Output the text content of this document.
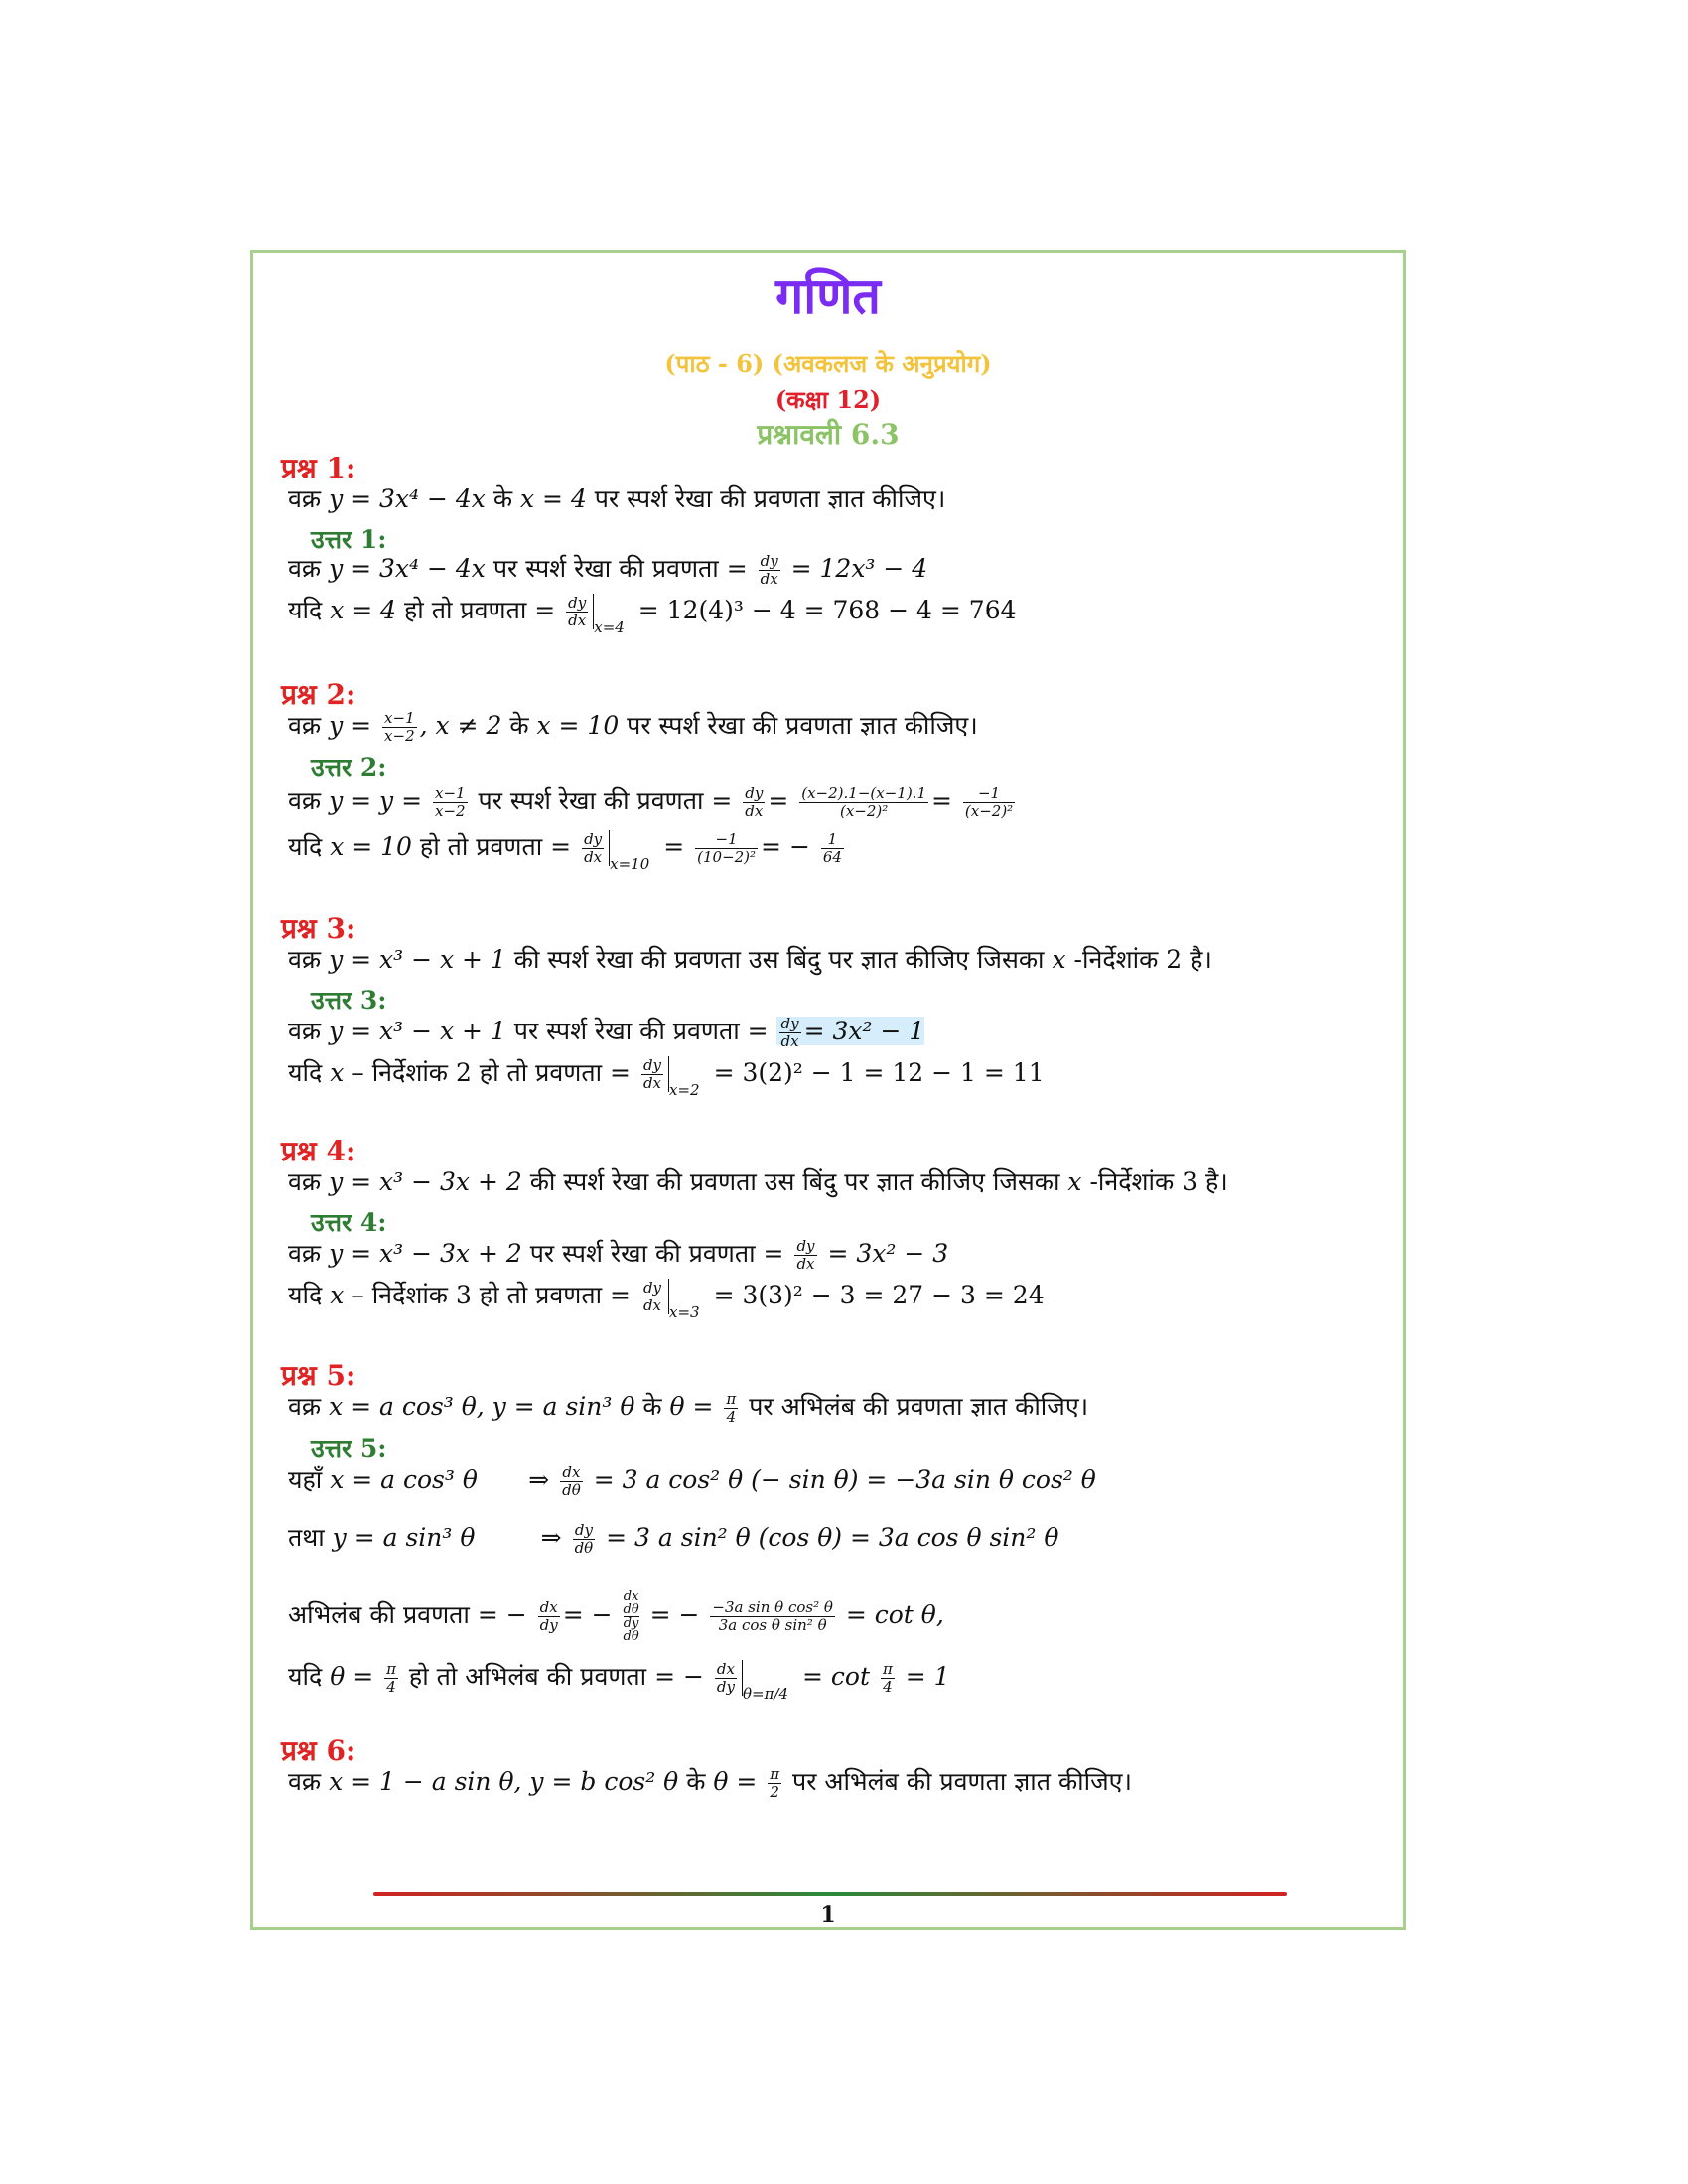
गणित
(पाठ - 6) (अवकलज के अनुप्रयोग)
(कक्षा 12)
प्रश्नावली 6.3
प्रश्न 1:
वक्र y = 3x⁴ − 4x के x = 4 पर स्पर्श रेखा की प्रवणता ज्ञात कीजिए।
उत्तर 1:
वक्र y = 3x⁴ − 4x पर स्पर्श रेखा की प्रवणता = $\frac{dy}{dx} = 12x^3 - 4$
यदि x = 4 हो तो प्रवणता = $\frac{dy}{dx} _{x=4} = 12(4)^3 - 4 = 768 - 4 = 764$
प्रश्न 2:
वक्र $y = \frac{x-1}{x-2}$ , x ≠ 2 के x = 10 पर स्पर्श रेखा की प्रवणता ज्ञात कीजिए।
उत्तर 2:
वक्र $y = y = \frac{x-1}{x-2}$ पर स्पर्श रेखा की प्रवणता = $\frac{dy}{dx} = \frac{(x-2).1-(x-1).1}{\text{(x−2)²}} = \frac{-1}{\text{(x−2)²}}$
यदि x = 10 हो तो प्रवणता = $\frac{dy}{dx} _{x=10} = \frac{-1}{\text{(10−2)²}}$ = − $\frac{1}{64}$
प्रश्न 3:
वक्र y = x³ − x + 1 की स्पर्श रेखा की प्रवणता उस बिंदु पर ज्ञात कीजिए जिसका x -निर्देशांक 2 है।
उत्तर 3:
वक्र y = x³ − x + 1 पर स्पर्श रेखा की प्रवणता = $\frac{dy}{dx} = 3x^2 - 1$
यदि x – निर्देशांक 2 हो तो प्रवणता = $\frac{dy}{dx} _{x=2} = 3(2)^2 - 1 = 12 - 1 = 11$
प्रश्न 4:
वक्र y = x³ − 3x + 2 की स्पर्श रेखा की प्रवणता उस बिंदु पर ज्ञात कीजिए जिसका x -निर्देशांक 3 है।
उत्तर 4:
वक्र y = x³ − 3x + 2 पर स्पर्श रेखा की प्रवणता = $\frac{dy}{dx} = 3x^2 - 3$
यदि x – निर्देशांक 3 हो तो प्रवणता = $\frac{dy}{dx} _{x=3} = 3(3)^2 - 3 = 27 - 3 = 24$
प्रश्न 5:
वक्र x = a cos³ θ, y = a sin³ θ के $\theta = \frac{\pi}{4}$ पर अभिलंब की प्रवणता ज्ञात कीजिए।
उत्तर 5:
यहाँ x = a cos³ θ ⇒ $\frac{dx}{d\theta} = 3$ a cos² θ (− sin θ) = −3a sin θ cos² θ
तथा y = a sin³ θ	⇒ $\frac{dy}{d\theta} = 3$ a sin² θ (cos θ) = 3a cos θ sin² θ
अभिलंब की प्रवणता = − $\frac{dx}{dy}$ = −
dx
dθ
dy
dθ
= − $\frac{\text{−3a sin θ cos² θ}}{\text{3a cos θ sin² θ}} = \cot \theta$,
यदि $\theta = \frac{\pi}{4}$ हो तो अभिलंब की प्रवणता = − $\frac{dx}{dy} _{\theta=\pi/4} = \cot \frac{\pi}{4} = 1$
प्रश्न 6:
वक्र x = 1 − a sin θ, y = b cos² θ के $\theta = \frac{\pi}{2}$ पर अभिलंब की प्रवणता ज्ञात कीजिए।
1
